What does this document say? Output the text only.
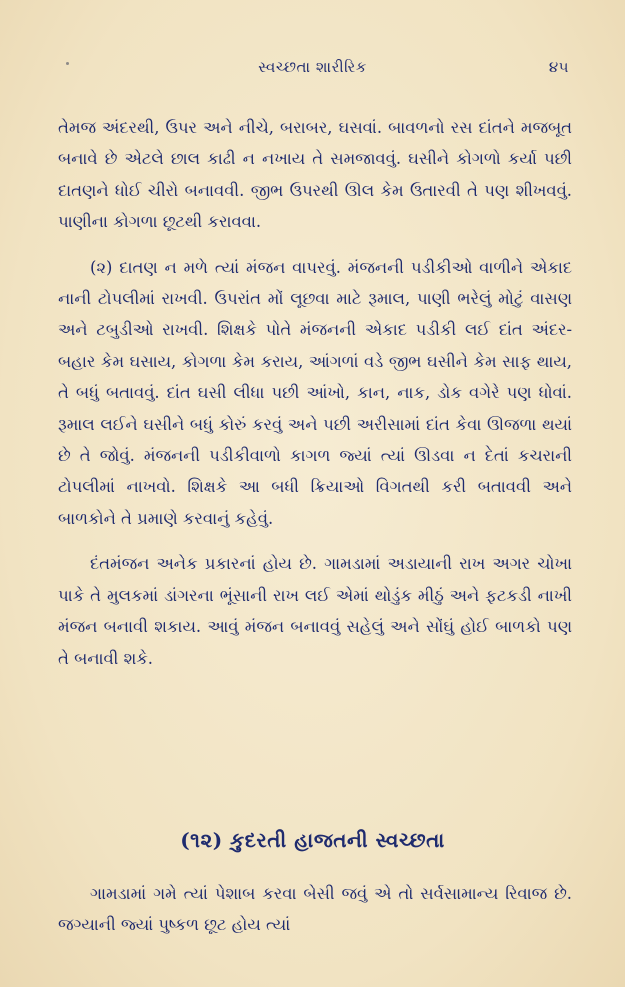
સ્વચ્છતા શારીરિક	૪૫

તેમજ અંદરથી, ઉપર અને નીચે, બરાબર, ઘસવાં. બાવળનો રસ દાંતને મજબૂત બનાવે છે એટલે છાલ કાઢી ન નખાય તે સમજાવવું. ઘસીને કોગળો કર્યા પછી દાતણને ધોઈ ચીરો બનાવવી. જીભ ઉપરથી ઊલ કેમ ઉતારવી તે પણ શીખવવું. પાણીના કોગળા છૂટથી કરાવવા.

(૨) દાતણ ન મળે ત્યાં મંજન વાપરવું. મંજનની પડીકીઓ વાળીને એકાદ નાની ટોપલીમાં રાખવી. ઉપરાંત મોં લૂછવા માટે રૂમાલ, પાણી ભરેલું મોટું વાસણ અને ટબુડીઓ રાખવી. શિક્ષકે પોતે મંજનની એકાદ પડીકી લઈ દાંત અંદર-બહાર કેમ ઘસાય, કોગળા કેમ કરાય, આંગળાં વડે જીભ ઘસીને કેમ સાફ થાય, તે બધું બતાવવું. દાંત ઘસી લીધા પછી આંખો, કાન, નાક, ડોક વગેરે પણ ધોવાં. રૂમાલ લઈને ઘસીને બધું કોરું કરવું અને પછી અરીસામાં દાંત કેવા ઊજળા થયાં છે તે જોવું. મંજનની પડીકીવાળો કાગળ જ્યાં ત્યાં ઊડવા ન દેતાં કચરાની ટોપલીમાં નાખવો. શિક્ષકે આ બધી ક્રિયાઓ વિગતથી કરી બતાવવી અને બાળકોને તે પ્રમાણે કરવાનું કહેવું.

દંતમંજન અનેક પ્રકારનાં હોય છે. ગામડામાં અડાયાની રાખ અગર ચોખા પાકે તે મુલકમાં ડાંગરના ભૂંસાની રાખ લઈ એમાં થોડુંક મીઠું અને ફટકડી નાખી મંજન બનાવી શકાય. આવું મંજન બનાવવું સહેલું અને સોંઘું હોઈ બાળકો પણ તે બનાવી શકે.

(૧૨) કુદરતી હાજતની સ્વચ્છતા

ગામડામાં ગમે ત્યાં પેશાબ કરવા બેસી જવું એ તો સર્વસામાન્ય રિવાજ છે. જગ્યાની જ્યાં પુષ્કળ છૂટ હોય ત્યાં
